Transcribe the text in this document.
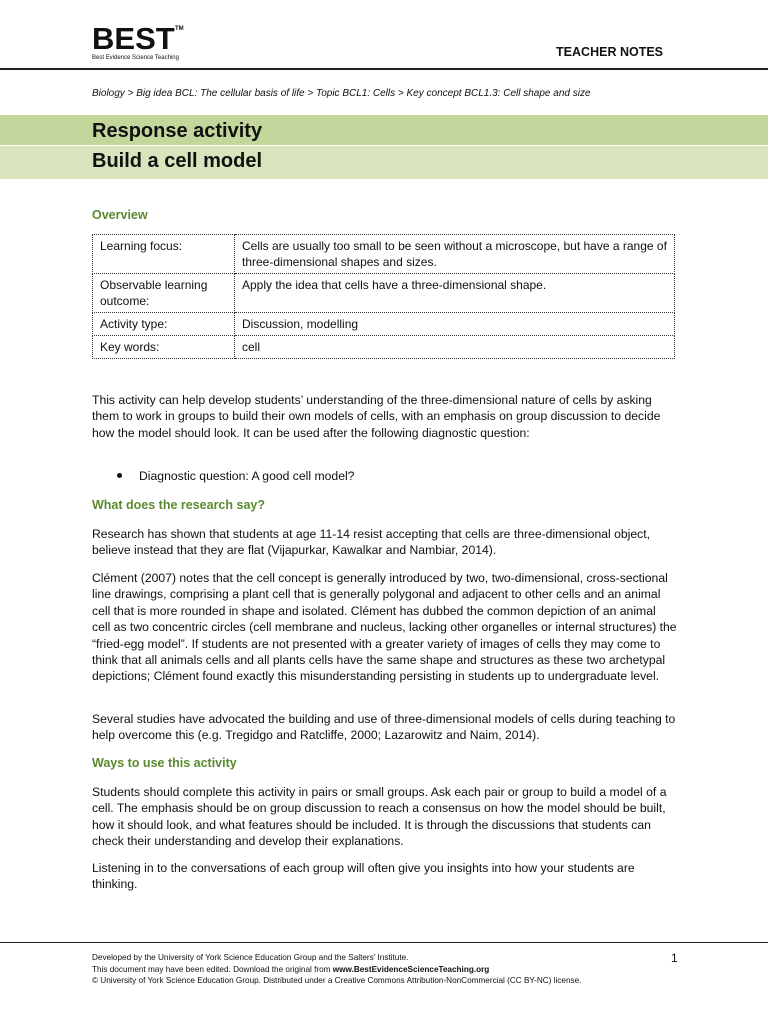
BEST TM
Best Evidence Science Teaching	TEACHER NOTES
Biology > Big idea BCL: The cellular basis of life > Topic BCL1: Cells > Key concept BCL1.3: Cell shape and size
Response activity
Build a cell model
Overview
Learning focus:	Cells are usually too small to be seen without a microscope, but have a range of three-dimensional shapes and sizes.
Observable learning outcome:	Apply the idea that cells have a three-dimensional shape.
Activity type:	Discussion, modelling
Key words:	cell
This activity can help develop students’ understanding of the three-dimensional nature of cells by asking them to work in groups to build their own models of cells, with an emphasis on group discussion to decide how the model should look. It can be used after the following diagnostic question:
Diagnostic question: A good cell model?
What does the research say?
Research has shown that students at age 11-14 resist accepting that cells are three-dimensional object, believe instead that they are flat (Vijapurkar, Kawalkar and Nambiar, 2014).
Clément (2007) notes that the cell concept is generally introduced by two, two-dimensional, cross-sectional line drawings, comprising a plant cell that is generally polygonal and adjacent to other cells and an animal cell that is more rounded in shape and isolated. Clément has dubbed the common depiction of an animal cell as two concentric circles (cell membrane and nucleus, lacking other organelles or internal structures) the “fried-egg model”. If students are not presented with a greater variety of images of cells they may come to think that all animals cells and all plants cells have the same shape and structures as these two archetypal depictions; Clément found exactly this misunderstanding persisting in students up to undergraduate level.
Several studies have advocated the building and use of three-dimensional models of cells during teaching to help overcome this (e.g. Tregidgo and Ratcliffe, 2000; Lazarowitz and Naim, 2014).
Ways to use this activity
Students should complete this activity in pairs or small groups. Ask each pair or group to build a model of a cell. The emphasis should be on group discussion to reach a consensus on how the model should be built, how it should look, and what features should be included. It is through the discussions that students can check their understanding and develop their explanations.
Listening in to the conversations of each group will often give you insights into how your students are thinking.
Developed by the University of York Science Education Group and the Salters’ Institute.
This document may have been edited. Download the original from www.BestEvidenceScienceTeaching.org
© University of York Science Education Group. Distributed under a Creative Commons Attribution-NonCommercial (CC BY-NC) license.
1
